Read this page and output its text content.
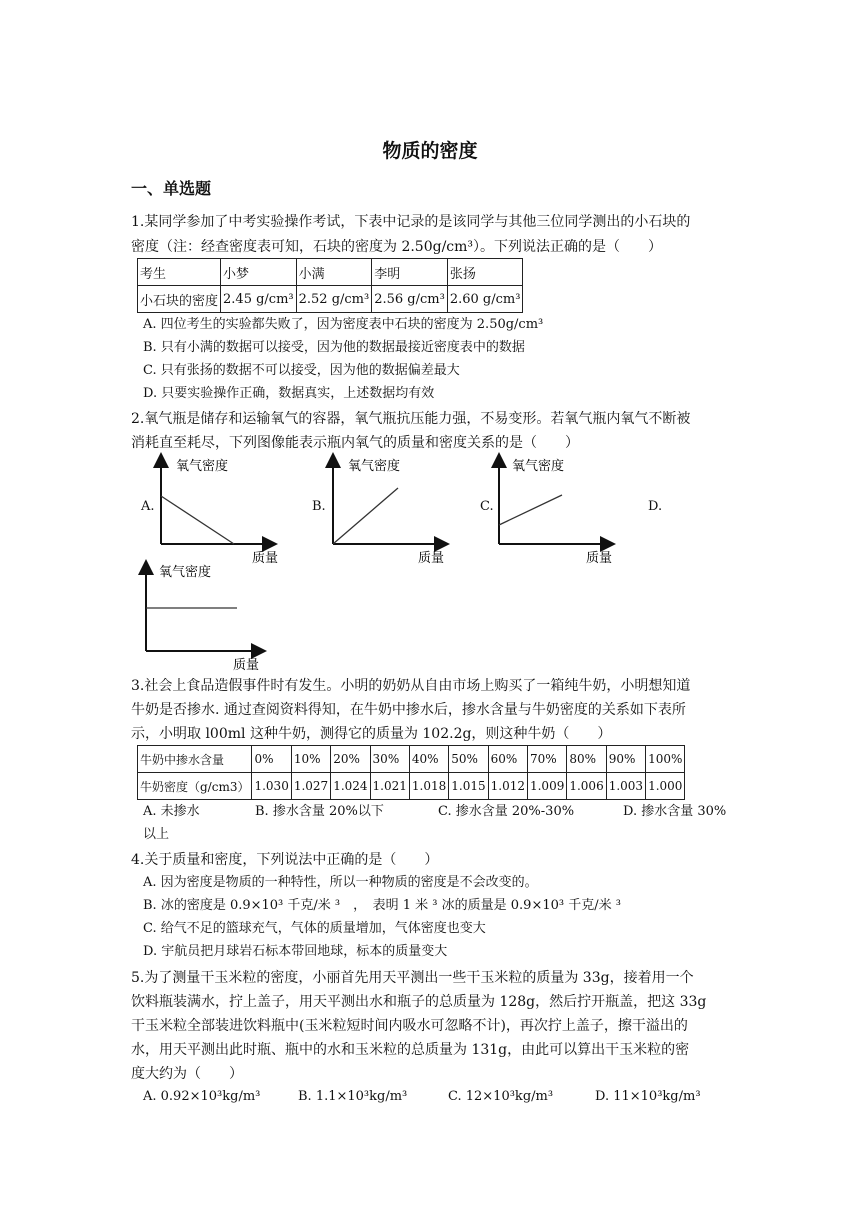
物质的密度
一、单选题
1.某同学参加了中考实验操作考试，下表中记录的是该同学与其他三位同学测出的小石块的
密度（注：经查密度表可知，石块的密度为 2.50g/cm³）。下列说法正确的是（　　）
考生	小梦	小满	李明	张扬
小石块的密度	2.45 g/cm³	2.52 g/cm³	2.56 g/cm³	2.60 g/cm³
A. 四位考生的实验都失败了，因为密度表中石块的密度为 2.50g/cm³
B. 只有小满的数据可以接受，因为他的数据最接近密度表中的数据
C. 只有张扬的数据不可以接受，因为他的数据偏差最大
D. 只要实验操作正确，数据真实，上述数据均有效
2.氧气瓶是储存和运输氧气的容器，氧气瓶抗压能力强，不易变形。若氧气瓶内氧气不断被
消耗直至耗尽，下列图像能表示瓶内氧气的质量和密度关系的是（　　）
A.	B.	C.	D.
氧气密度
质量
氧气密度
质量
氧气密度
质量
氧气密度
质量
3.社会上食品造假事件时有发生。小明的奶奶从自由市场上购买了一箱纯牛奶，小明想知道
牛奶是否掺水. 通过查阅资料得知，在牛奶中掺水后，掺水含量与牛奶密度的关系如下表所
示，小明取 l00ml 这种牛奶，测得它的质量为 102.2g，则这种牛奶（　　）
牛奶中掺水含量	0%	10%	20%	30%	40%	50%	60%	70%	80%	90%	100%
牛奶密度（g/cm3）	1.030	1.027	1.024	1.021	1.018	1.015	1.012	1.009	1.006	1.003	1.000
A. 未掺水	B. 掺水含量 20%以下	C. 掺水含量 20%-30%	D. 掺水含量 30%
以上
4.关于质量和密度，下列说法中正确的是（　　）
A. 因为密度是物质的一种特性，所以一种物质的密度是不会改变的。
B. 冰的密度是 0.9×10³ 千克/米 ³　，　表明 1 米 ³ 冰的质量是 0.9×10³ 千克/米 ³
C. 给气不足的篮球充气，气体的质量增加，气体密度也变大
D. 宇航员把月球岩石标本带回地球，标本的质量变大
5.为了测量干玉米粒的密度，小丽首先用天平测出一些干玉米粒的质量为 33g，接着用一个
饮料瓶装满水，拧上盖子，用天平测出水和瓶子的总质量为 128g，然后拧开瓶盖，把这 33g
干玉米粒全部装进饮料瓶中(玉米粒短时间内吸水可忽略不计)，再次拧上盖子，擦干溢出的
水，用天平测出此时瓶、瓶中的水和玉米粒的总质量为 131g，由此可以算出干玉米粒的密
度大约为（　　）
A. 0.92×10³kg/m³	B. 1.1×10³kg/m³	C. 12×10³kg/m³	D. 11×10³kg/m³
